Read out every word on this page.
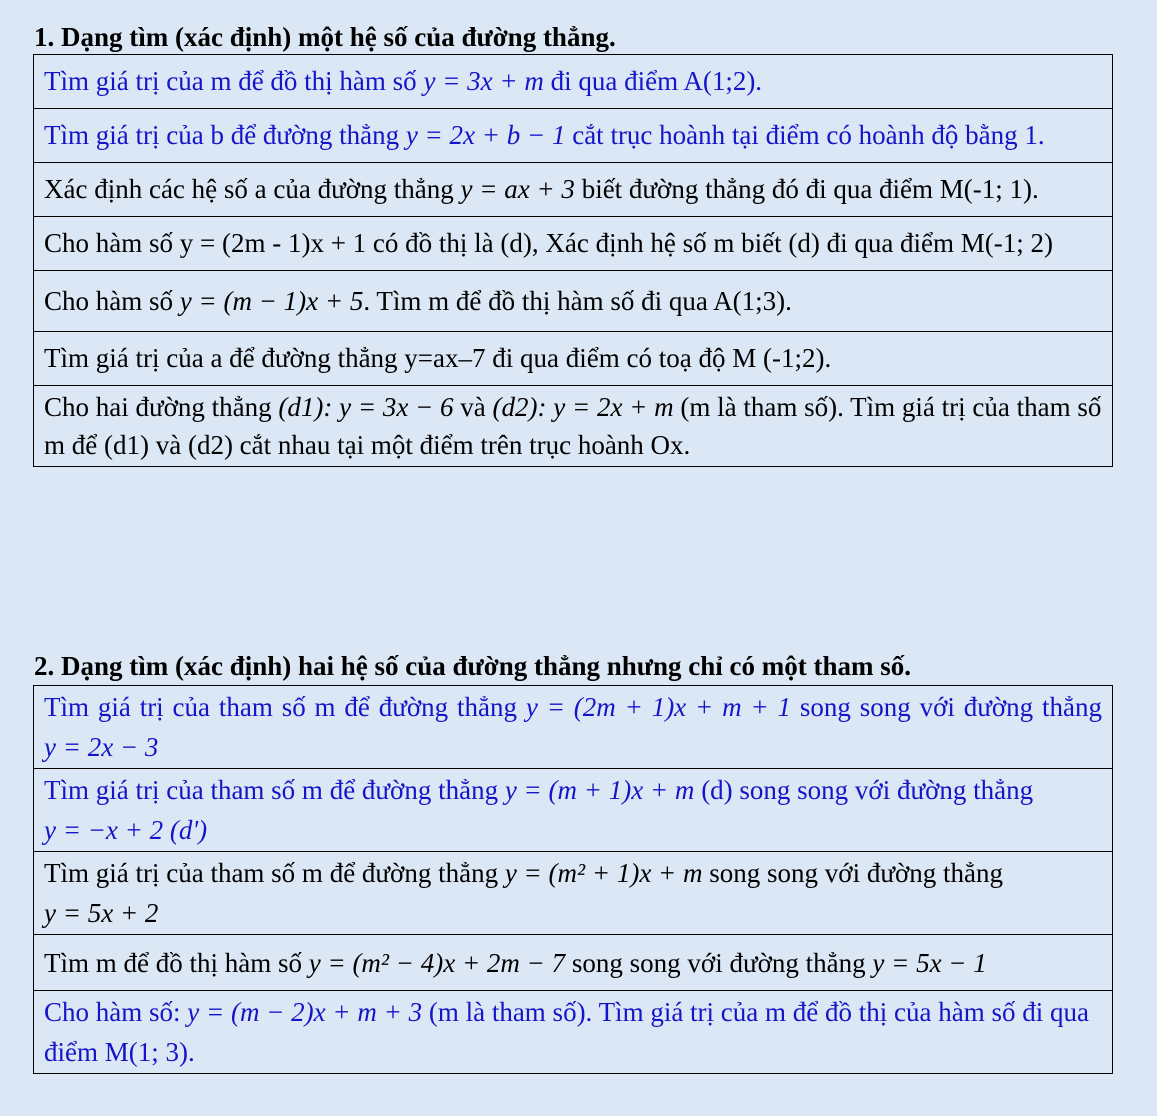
1. Dạng tìm (xác định) một hệ số của đường thẳng.
Tìm giá trị của m để đồ thị hàm số y = 3x + m đi qua điểm A(1;2).
Tìm giá trị của b để đường thẳng y = 2x + b − 1 cắt trục hoành tại điểm có hoành độ bằng 1.
Xác định các hệ số a của đường thẳng y = ax + 3 biết đường thẳng đó đi qua điểm M(-1; 1).
Cho hàm số y = (2m - 1)x + 1 có đồ thị là (d), Xác định hệ số m biết (d) đi qua điểm M(-1; 2)
Cho hàm số y = (m − 1)x + 5. Tìm m để đồ thị hàm số đi qua A(1;3).
Tìm giá trị của a để đường thẳng y=ax–7 đi qua điểm có toạ độ M (-1;2).
Cho hai đường thẳng (d1): y = 3x − 6 và (d2): y = 2x + m (m là tham số). Tìm giá trị của tham số m để (d1) và (d2) cắt nhau tại một điểm trên trục hoành Ox.
2. Dạng tìm (xác định) hai hệ số của đường thẳng nhưng chỉ có một tham số.
Tìm giá trị của tham số m để đường thẳng y = (2m + 1)x + m + 1 song song với đường thẳng y = 2x − 3
Tìm giá trị của tham số m để đường thẳng y = (m + 1)x + m (d) song song với đường thẳng y = −x + 2 (d')
Tìm giá trị của tham số m để đường thẳng y = (m² + 1)x + m song song với đường thẳng y = 5x + 2
Tìm m để đồ thị hàm số y = (m² − 4)x + 2m − 7 song song với đường thẳng y = 5x − 1
Cho hàm số: y = (m − 2)x + m + 3 (m là tham số). Tìm giá trị của m để đồ thị của hàm số đi qua điểm M(1; 3).
